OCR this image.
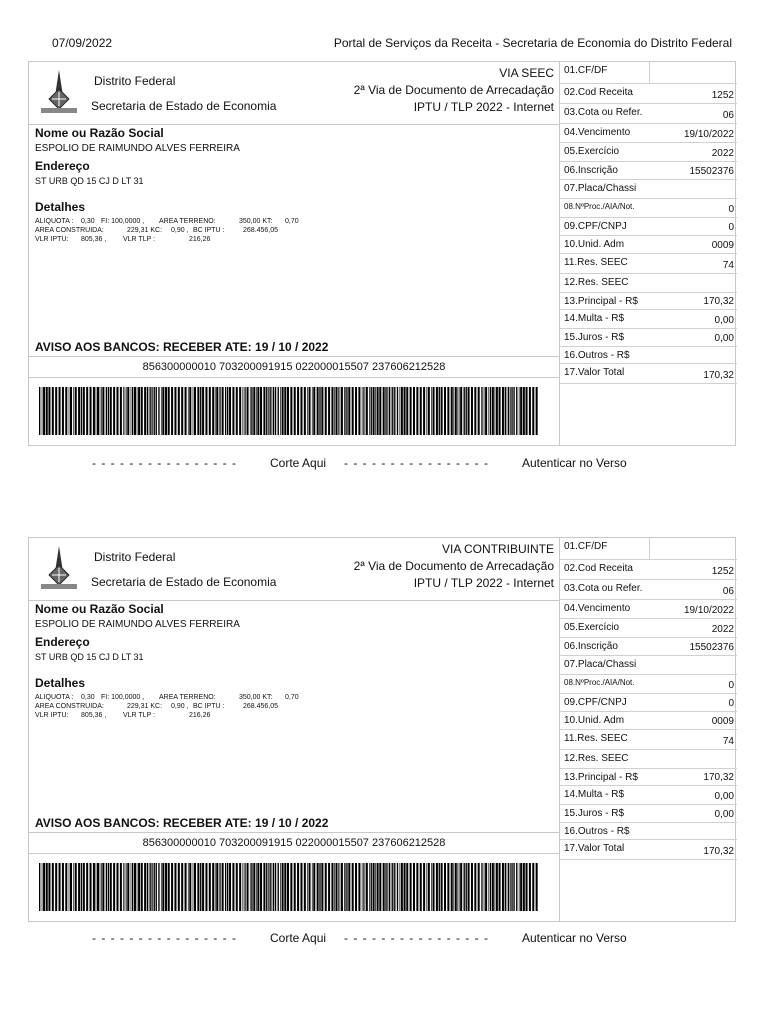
07/09/2022	Portal de Serviços da Receita - Secretaria de Economia do Distrito Federal
Distrito Federal
Secretaria de Estado de Economia
VIA SEEC
2ª Via de Documento de Arrecadação
IPTU / TLP 2022 - Internet
Nome ou Razão Social
ESPOLIO DE RAIMUNDO ALVES FERREIRA
Endereço
ST URB QD 15 CJ D LT 31
Detalhes
ALIQUOTA : 0,30 FI: 100,0000 , AREA TERRENO:	350,00 KT: 0,70
AREA CONSTRUIDA:	229,31 KC: 0,90 , BC IPTU :	268.456,05
VLR IPTU: 805,36 , VLR TLP :	216,26
AVISO AOS BANCOS: RECEBER ATE: 19 / 10 / 2022
856300000010 703200091915 022000015507 237606212528
01.CF/DF
02.Cod Receita	1252
03.Cota ou Refer.	06
04.Vencimento	19/10/2022
05.Exercício	2022
06.Inscrição	15502376
07.Placa/Chassi
08.NºProc./AIA/Not.	0
09.CPF/CNPJ	0
10.Unid. Adm	0009
11.Res. SEEC	74
12.Res. SEEC
13.Principal - R$	170,32
14.Multa - R$	0,00
15.Juros - R$	0,00
16.Outros - R$
17.Valor Total	170,32
- - - - - - - - - - - - - - - -	Corte Aqui - - - - - - - - - - - - - - - -	Autenticar no Verso
Distrito Federal
Secretaria de Estado de Economia
VIA CONTRIBUINTE
2ª Via de Documento de Arrecadação
IPTU / TLP 2022 - Internet
Nome ou Razão Social
ESPOLIO DE RAIMUNDO ALVES FERREIRA
Endereço
ST URB QD 15 CJ D LT 31
Detalhes
ALIQUOTA : 0,30 FI: 100,0000 , AREA TERRENO:	350,00 KT: 0,70
AREA CONSTRUIDA:	229,31 KC: 0,90 , BC IPTU :	268.456,05
VLR IPTU: 805,36 , VLR TLP :	216,26
AVISO AOS BANCOS: RECEBER ATE: 19 / 10 / 2022
856300000010 703200091915 022000015507 237606212528
01.CF/DF
02.Cod Receita	1252
03.Cota ou Refer.	06
04.Vencimento	19/10/2022
05.Exercício	2022
06.Inscrição	15502376
07.Placa/Chassi
08.NºProc./AIA/Not.	0
09.CPF/CNPJ	0
10.Unid. Adm	0009
11.Res. SEEC	74
12.Res. SEEC
13.Principal - R$	170,32
14.Multa - R$	0,00
15.Juros - R$	0,00
16.Outros - R$
17.Valor Total	170,32
- - - - - - - - - - - - - - - -	Corte Aqui - - - - - - - - - - - - - - - -	Autenticar no Verso
